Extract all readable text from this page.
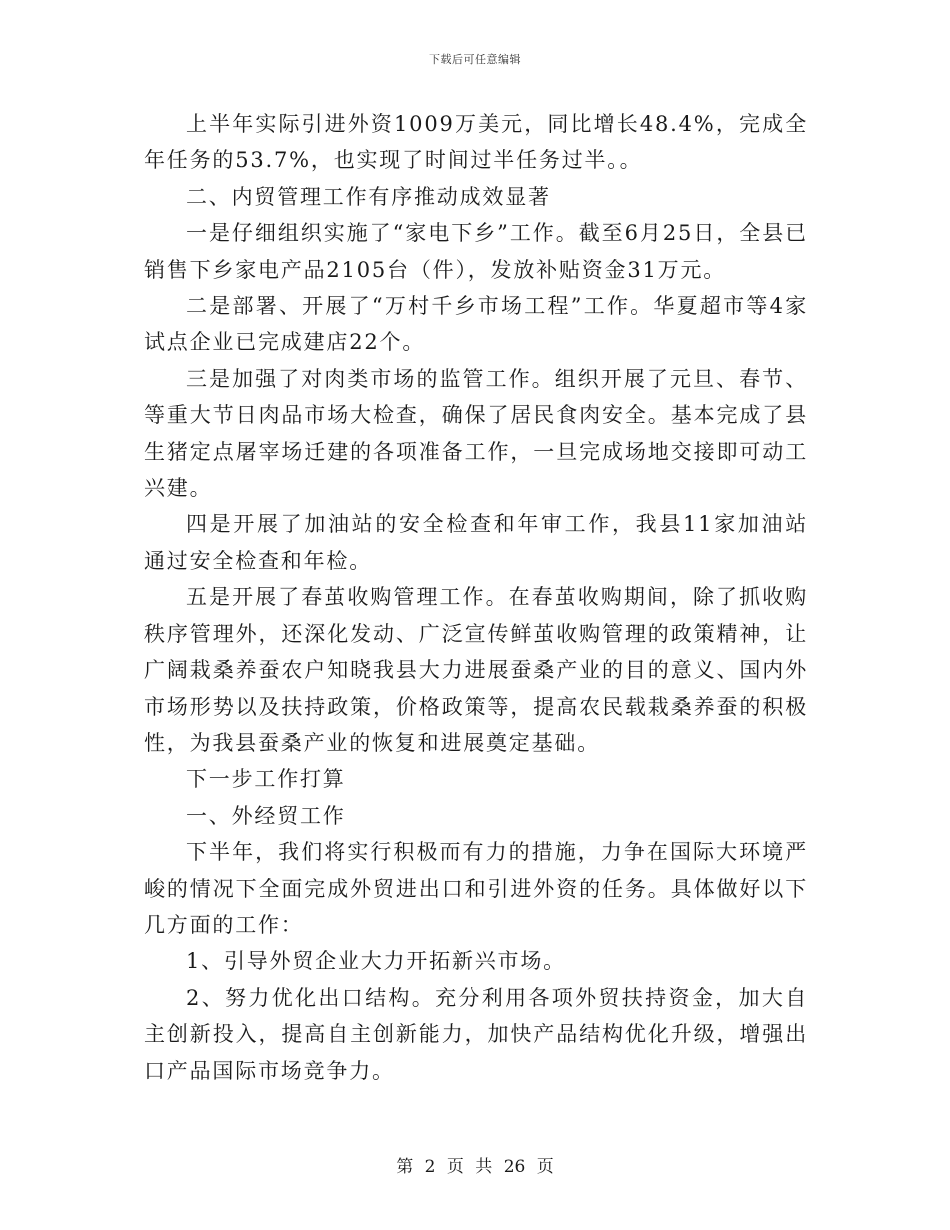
下载后可任意编辑

上半年实际引进外资1009万美元，同比增长48.4%，完成全年任务的53.7%，也实现了时间过半任务过半。。

二、内贸管理工作有序推动成效显著

一是仔细组织实施了“家电下乡”工作。截至6月25日，全县已销售下乡家电产品2105台（件），发放补贴资金31万元。

二是部署、开展了“万村千乡市场工程”工作。华夏超市等4家试点企业已完成建店22个。

三是加强了对肉类市场的监管工作。组织开展了元旦、春节、等重大节日肉品市场大检查，确保了居民食肉安全。基本完成了县生猪定点屠宰场迁建的各项准备工作，一旦完成场地交接即可动工兴建。

四是开展了加油站的安全检查和年审工作，我县11家加油站通过安全检查和年检。

五是开展了春茧收购管理工作。在春茧收购期间，除了抓收购秩序管理外，还深化发动、广泛宣传鲜茧收购管理的政策精神，让广阔栽桑养蚕农户知晓我县大力进展蚕桑产业的目的意义、国内外市场形势以及扶持政策，价格政策等，提高农民载栽桑养蚕的积极性，为我县蚕桑产业的恢复和进展奠定基础。

下一步工作打算

一、外经贸工作

下半年，我们将实行积极而有力的措施，力争在国际大环境严峻的情况下全面完成外贸进出口和引进外资的任务。具体做好以下几方面的工作：

1、引导外贸企业大力开拓新兴市场。

2、努力优化出口结构。充分利用各项外贸扶持资金，加大自主创新投入，提高自主创新能力，加快产品结构优化升级，增强出口产品国际市场竞争力。

第 2 页 共 26 页
